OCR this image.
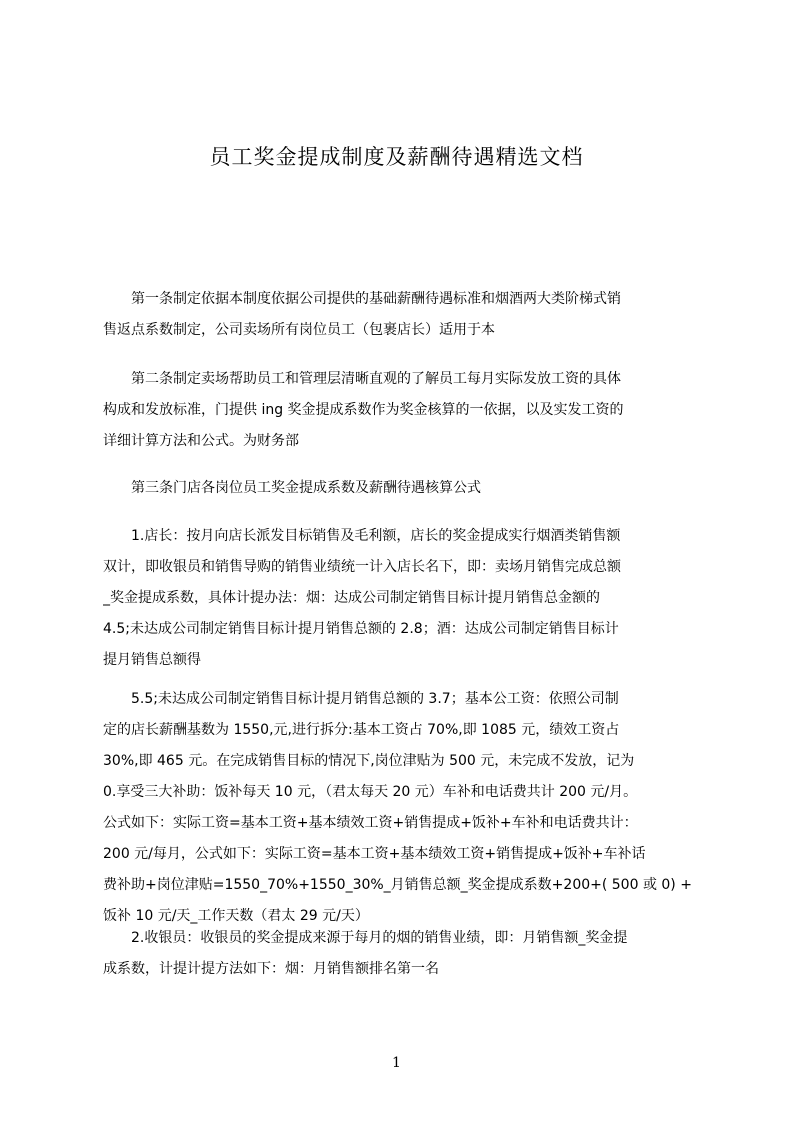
员工奖金提成制度及薪酬待遇精选文档
　　第一条制定依据本制度依据公司提供的基础薪酬待遇标准和烟酒两大类阶梯式销
售返点系数制定，公司卖场所有岗位员工（包裹店长）适用于本
　　第二条制定卖场帮助员工和管理层清晰直观的了解员工每月实际发放工资的具体
构成和发放标准，门提供 ing 奖金提成系数作为奖金核算的一依据，以及实发工资的
详细计算方法和公式。为财务部
　　第三条门店各岗位员工奖金提成系数及薪酬待遇核算公式
　　1.店长：按月向店长派发目标销售及毛利额，店长的奖金提成实行烟酒类销售额
双计，即收银员和销售导购的销售业绩统一计入店长名下，即：卖场月销售完成总额
_奖金提成系数，具体计提办法：烟：达成公司制定销售目标计提月销售总金额的
4.5;未达成公司制定销售目标计提月销售总额的 2.8；酒：达成公司制定销售目标计
提月销售总额得
　　5.5;未达成公司制定销售目标计提月销售总额的 3.7；基本公工资：依照公司制
定的店长薪酬基数为 1550,元,进行拆分:基本工资占 70%,即 1085 元，绩效工资占
30%,即 465 元。在完成销售目标的情况下,岗位津贴为 500 元，未完成不发放，记为
0.享受三大补助：饭补每天 10 元，（君太每天 20 元）车补和电话费共计 200 元/月。
公式如下：实际工资=基本工资+基本绩效工资+销售提成+饭补+车补和电话费共计：
200 元/每月，公式如下：实际工资=基本工资+基本绩效工资+销售提成+饭补+车补话
费补助+岗位津贴=1550_70%+1550_30%_月销售总额_奖金提成系数+200+( 500 或 0) +
饭补 10 元/天_工作天数（君太 29 元/天）
　　2.收银员：收银员的奖金提成来源于每月的烟的销售业绩，即：月销售额_奖金提
成系数，计提计提方法如下：烟：月销售额排名第一名
1
